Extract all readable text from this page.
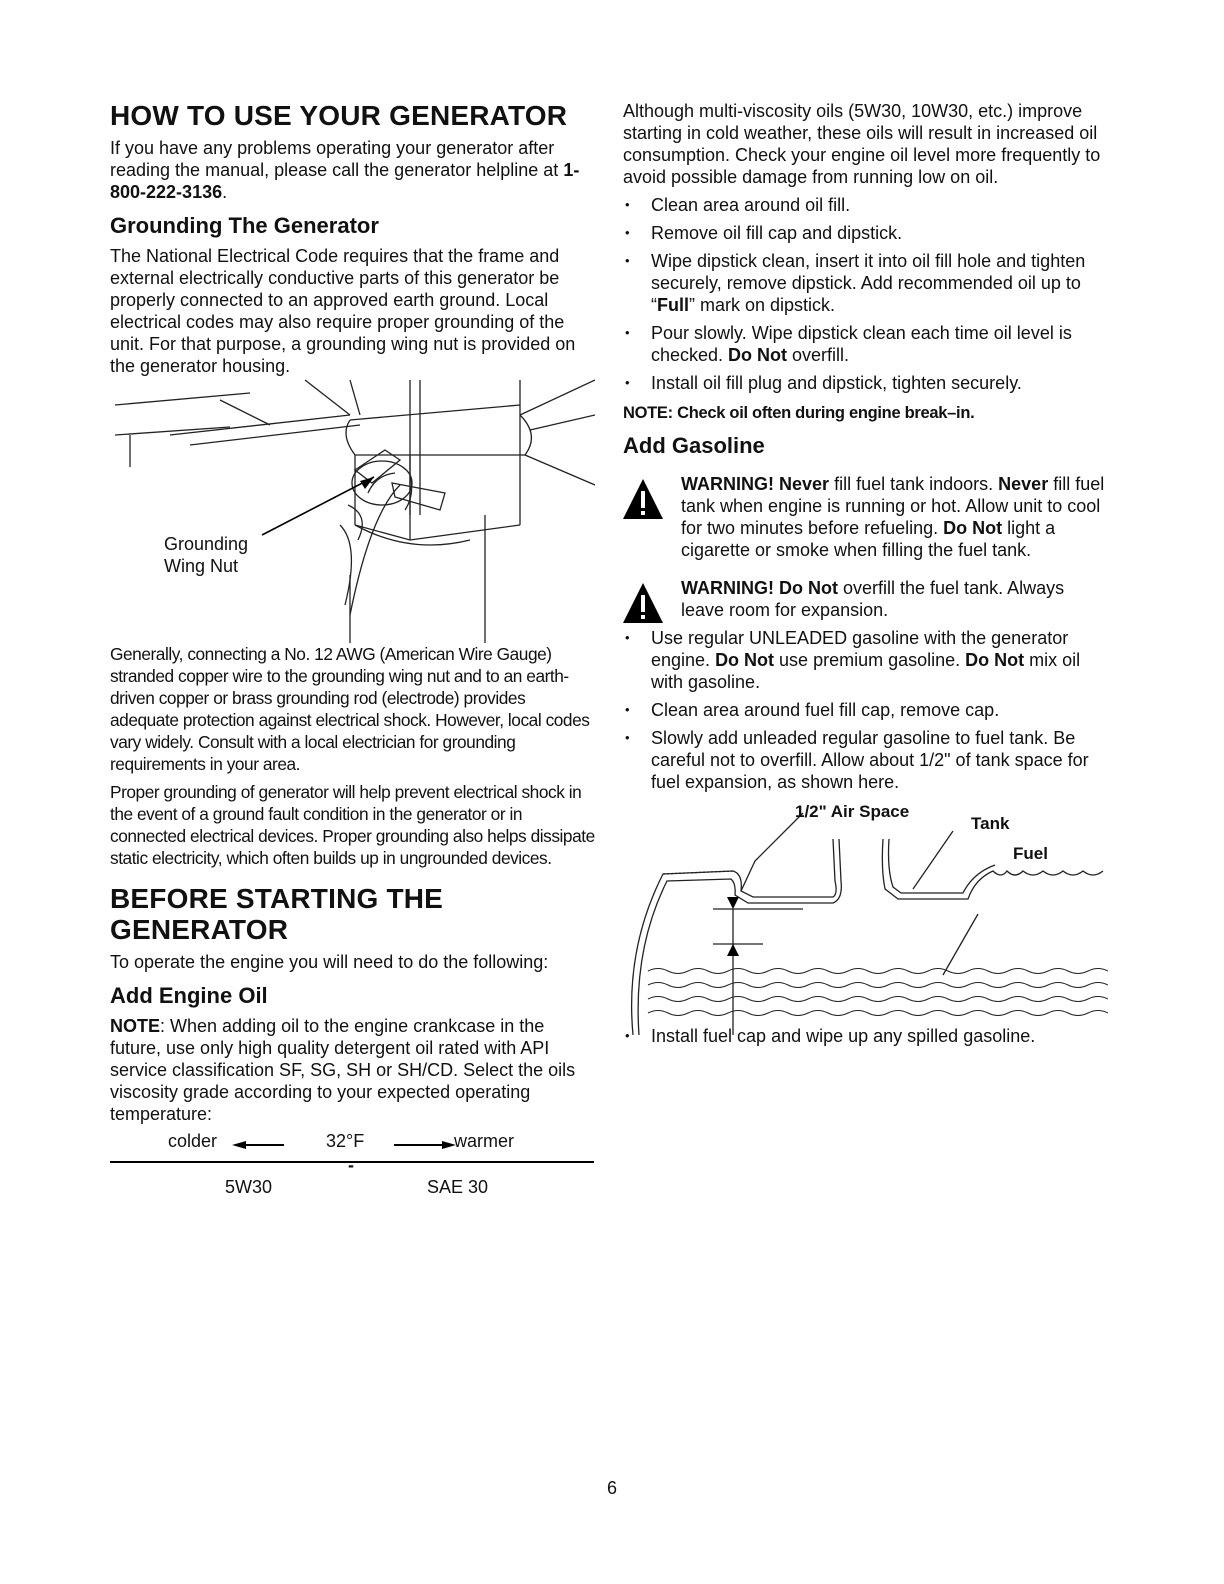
HOW TO USE YOUR GENERATOR

If you have any problems operating your generator after reading the manual, please call the generator helpline at 1-800-222-3136.

Grounding The Generator

The National Electrical Code requires that the frame and external electrically conductive parts of this generator be properly connected to an approved earth ground. Local electrical codes may also require proper grounding of the unit. For that purpose, a grounding wing nut is provided on the generator housing.

Grounding
Wing Nut

Generally, connecting a No. 12 AWG (American Wire Gauge) stranded copper wire to the grounding wing nut and to an earth-driven copper or brass grounding rod (electrode) provides adequate protection against electrical shock. However, local codes vary widely. Consult with a local electrician for grounding requirements in your area.

Proper grounding of generator will help prevent electrical shock in the event of a ground fault condition in the generator or in connected electrical devices. Proper grounding also helps dissipate static electricity, which often builds up in ungrounded devices.

BEFORE STARTING THE GENERATOR

To operate the engine you will need to do the following:

Add Engine Oil

NOTE: When adding oil to the engine crankcase in the future, use only high quality detergent oil rated with API service classification SF, SG, SH or SH/CD. Select the oils viscosity grade according to your expected operating temperature:

colder	32°F	warmer
-
5W30	SAE 30

Although multi-viscosity oils (5W30, 10W30, etc.) improve starting in cold weather, these oils will result in increased oil consumption. Check your engine oil level more frequently to avoid possible damage from running low on oil.

• Clean area around oil fill.
• Remove oil fill cap and dipstick.
• Wipe dipstick clean, insert it into oil fill hole and tighten securely, remove dipstick. Add recommended oil up to “Full” mark on dipstick.
• Pour slowly. Wipe dipstick clean each time oil level is checked. Do Not overfill.
• Install oil fill plug and dipstick, tighten securely.
NOTE: Check oil often during engine break–in.
Add Gasoline

WARNING! Never fill fuel tank indoors. Never fill fuel tank when engine is running or hot. Allow unit to cool for two minutes before refueling. Do Not light a cigarette or smoke when filling the fuel tank.

WARNING! Do Not overfill the fuel tank. Always leave room for expansion.

• Use regular UNLEADED gasoline with the generator engine. Do Not use premium gasoline. Do Not mix oil with gasoline.
• Clean area around fuel fill cap, remove cap.
• Slowly add unleaded regular gasoline to fuel tank. Be careful not to overfill. Allow about 1/2" of tank space for fuel expansion, as shown here.
1/2" Air Space
Tank
Fuel
• Install fuel cap and wipe up any spilled gasoline.
6
